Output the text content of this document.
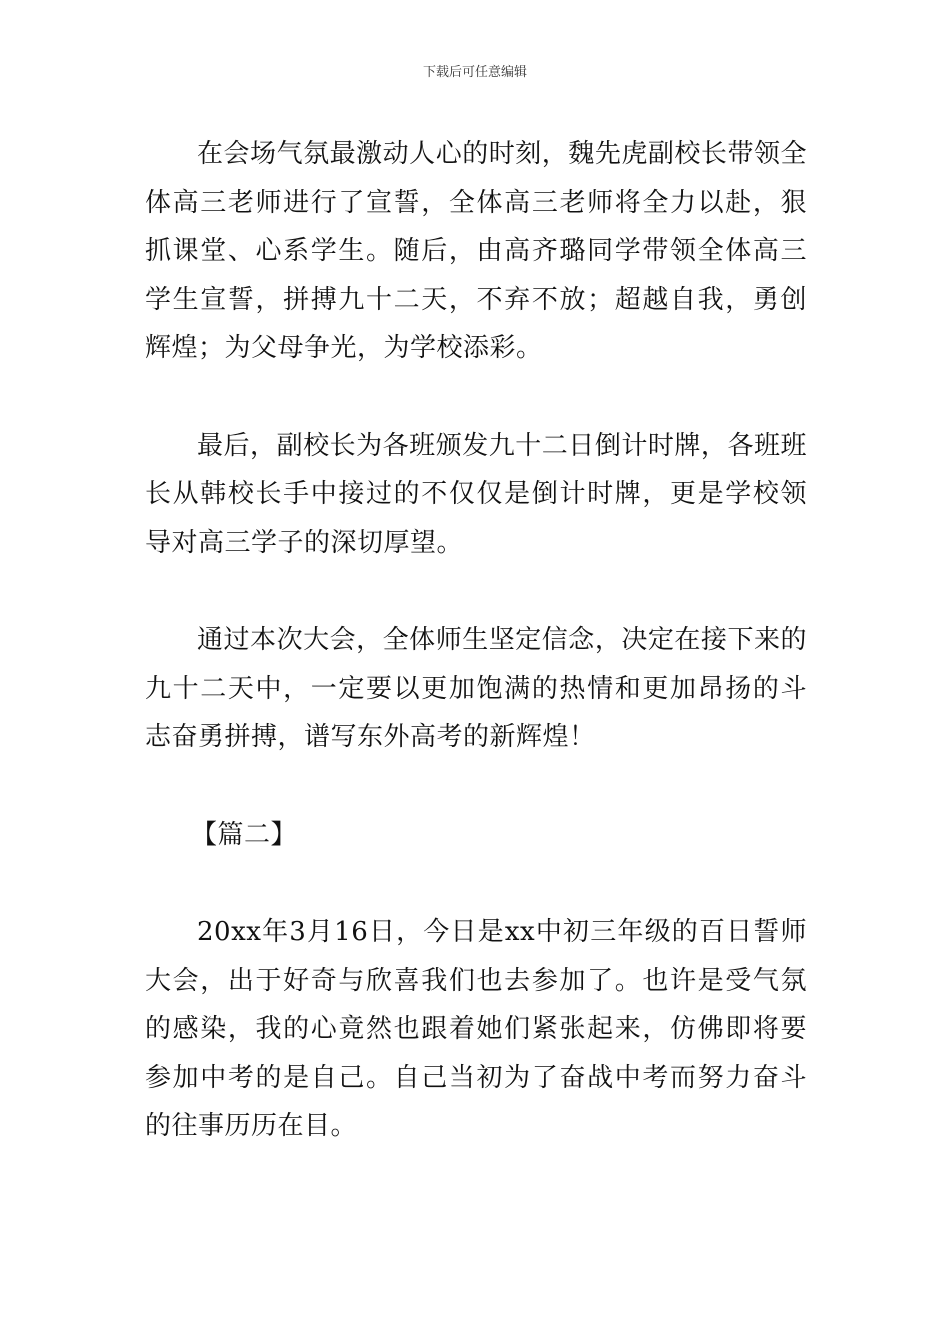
下载后可任意编辑

在会场气氛最激动人心的时刻，魏先虎副校长带领全体高三老师进行了宣誓，全体高三老师将全力以赴，狠抓课堂、心系学生。随后，由高齐璐同学带领全体高三学生宣誓，拼搏九十二天，不弃不放；超越自我，勇创辉煌；为父母争光，为学校添彩。

最后，副校长为各班颁发九十二日倒计时牌，各班班长从韩校长手中接过的不仅仅是倒计时牌，更是学校领导对高三学子的深切厚望。

通过本次大会，全体师生坚定信念，决定在接下来的九十二天中，一定要以更加饱满的热情和更加昂扬的斗志奋勇拼搏，谱写东外高考的新辉煌！

【篇二】

20xx年3月16日，今日是xx中初三年级的百日誓师大会，出于好奇与欣喜我们也去参加了。也许是受气氛的感染，我的心竟然也跟着她们紧张起来，仿佛即将要参加中考的是自己。自己当初为了奋战中考而努力奋斗的往事历历在目。
